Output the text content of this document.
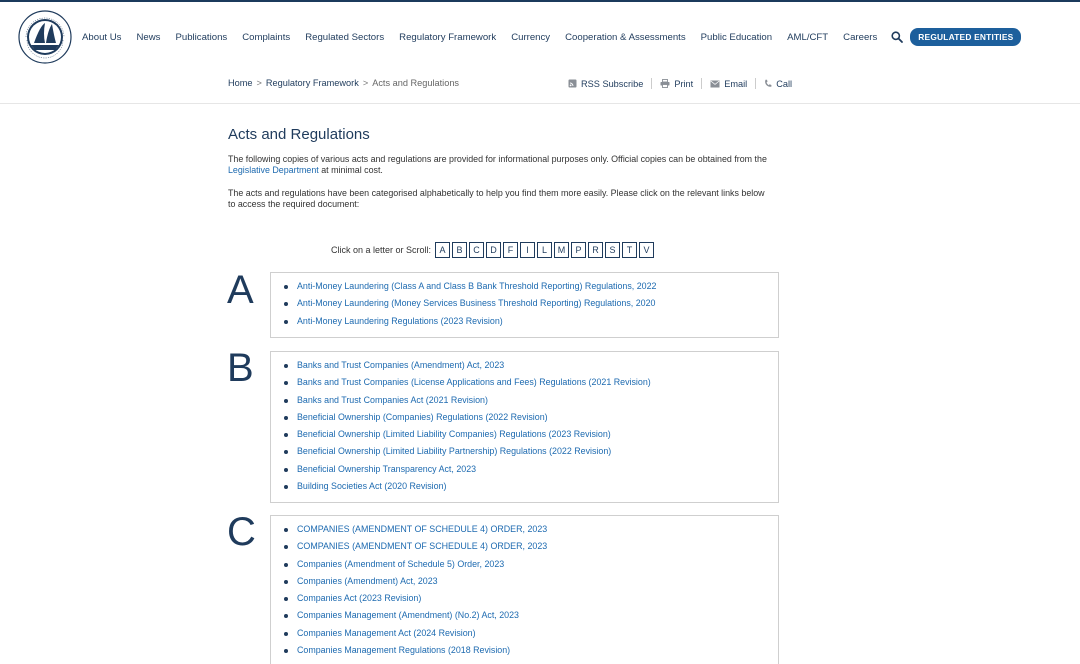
About Us News Publications Complaints Regulated Sectors Regulatory Framework Currency Cooperation & Assessments Public Education AML/CFT Careers	REGULATED ENTITIES
Home > Regulatory Framework > Acts and Regulations	RSS Subscribe	Print	Email	Call
Acts and Regulations

The following copies of various acts and regulations are provided for informational purposes only. Official copies can be obtained from the Legislative Department at minimal cost.

The acts and regulations have been categorised alphabetically to help you find them more easily. Please click on the relevant links below to access the required document:

Click on a letter or Scroll: A	B	C	D	F	I	L	M	P	R	S	T	V
A	Anti-Money Laundering (Class A and Class B Bank Threshold Reporting) Regulations, 2022
Anti-Money Laundering (Money Services Business Threshold Reporting) Regulations, 2020
Anti-Money Laundering Regulations (2023 Revision)
B	Banks and Trust Companies (Amendment) Act, 2023
Banks and Trust Companies (License Applications and Fees) Regulations (2021 Revision)
Banks and Trust Companies Act (2021 Revision)
Beneficial Ownership (Companies) Regulations (2022 Revision)
Beneficial Ownership (Limited Liability Companies) Regulations (2023 Revision)
Beneficial Ownership (Limited Liability Partnership) Regulations (2022 Revision)
Beneficial Ownership Transparency Act, 2023
Building Societies Act (2020 Revision)
C	COMPANIES (AMENDMENT OF SCHEDULE 4) ORDER, 2023
COMPANIES (AMENDMENT OF SCHEDULE 4) ORDER, 2023
Companies (Amendment of Schedule 5) Order, 2023
Companies (Amendment) Act, 2023
Companies Act (2023 Revision)
Companies Management (Amendment) (No.2) Act, 2023
Companies Management Act (2024 Revision)
Companies Management Regulations (2018 Revision)
